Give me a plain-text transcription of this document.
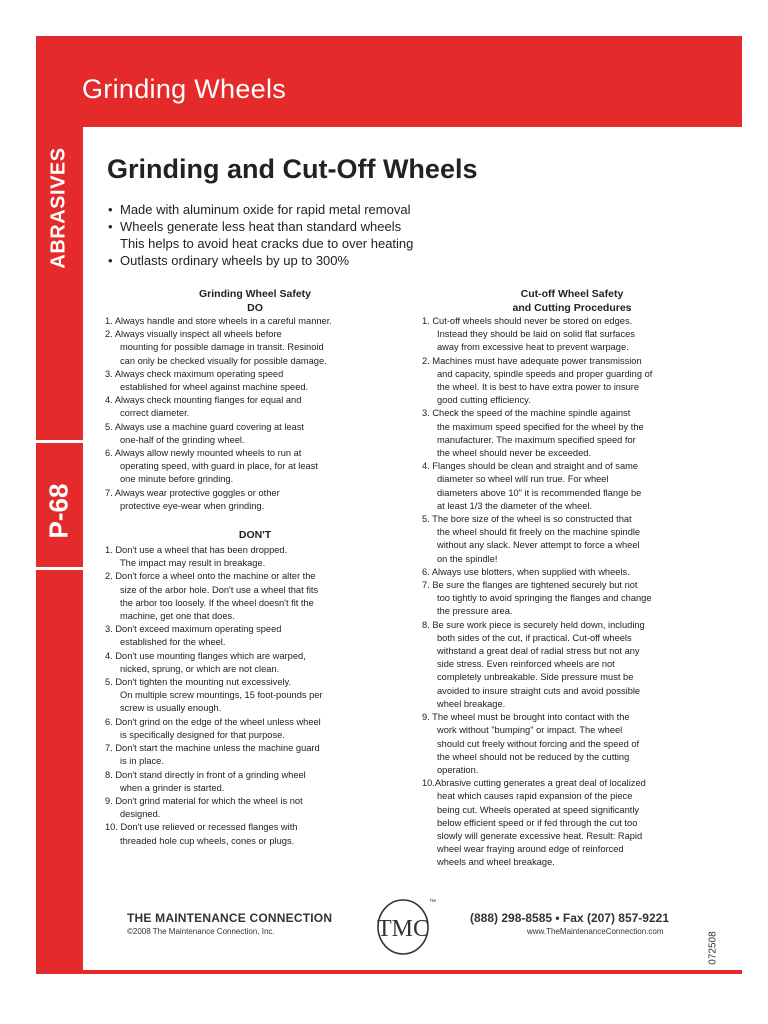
Grinding Wheels
ABRASIVES
P-68
Grinding and Cut-Off Wheels
• Made with aluminum oxide for rapid metal removal
• Wheels generate less heat than standard wheels
This helps to avoid heat cracks due to over heating
• Outlasts ordinary wheels by up to 300%
Grinding Wheel Safety
DO
1. Always handle and store wheels in a careful manner.
2. Always visually inspect all wheels before
mounting for possible damage in transit. Resinoid
can only be checked visually for possible damage.
3. Always check maximum operating speed
established for wheel against machine speed.
4. Always check mounting flanges for equal and
correct diameter.
5. Always use a machine guard covering at least
one-half of the grinding wheel.
6. Always allow newly mounted wheels to run at
operating speed, with guard in place, for at least
one minute before grinding.
7. Always wear protective goggles or other
protective eye-wear when grinding.
DON'T
1. Don't use a wheel that has been dropped.
The impact may result in breakage.
2. Don't force a wheel onto the machine or alter the
size of the arbor hole. Don't use a wheel that fits
the arbor too loosely. If the wheel doesn't fit the
machine, get one that does.
3. Don't exceed maximum operating speed
established for the wheel.
4. Don't use mounting flanges which are warped,
nicked, sprung, or which are not clean.
5. Don't tighten the mounting nut excessively.
On multiple screw mountings, 15 foot-pounds per
screw is usually enough.
6. Don't grind on the edge of the wheel unless wheel
is specifically designed for that purpose.
7. Don't start the machine unless the machine guard
is in place.
8. Don't stand directly in front of a grinding wheel
when a grinder is started.
9. Don't grind material for which the wheel is not
designed.
10. Don't use relieved or recessed flanges with
threaded hole cup wheels, cones or plugs.
Cut-off Wheel Safety
and Cutting Procedures
1. Cut-off wheels should never be stored on edges.
Instead they should be laid on solid flat surfaces
away from excessive heat to prevent warpage.
2. Machines must have adequate power transmission
and capacity, spindle speeds and proper guarding of
the wheel. It is best to have extra power to insure
good cutting efficiency.
3. Check the speed of the machine spindle against
the maximum speed specified for the wheel by the
manufacturer. The maximum specified speed for
the wheel should never be exceeded.
4. Flanges should be clean and straight and of same
diameter so wheel will run true. For wheel
diameters above 10" it is recommended flange be
at least 1/3 the diameter of the wheel.
5. The bore size of the wheel is so constructed that
the wheel should fit freely on the machine spindle
without any slack. Never attempt to force a wheel
on the spindle!
6. Always use blotters, when supplied with wheels.
7. Be sure the flanges are tightened securely but not
too tightly to avoid springing the flanges and change
the pressure area.
8. Be sure work piece is securely held down, including
both sides of the cut, if practical. Cut-off wheels
withstand a great deal of radial stress but not any
side stress. Even reinforced wheels are not
completely unbreakable. Side pressure must be
avoided to insure straight cuts and avoid possible
wheel breakage.
9. The wheel must be brought into contact with the
work without "bumping" or impact. The wheel
should cut freely without forcing and the speed of
the wheel should not be reduced by the cutting
operation.
10.Abrasive cutting generates a great deal of localized
heat which causes rapid expansion of the piece
being cut. Wheels operated at speed significantly
below efficient speed or if fed through the cut too
slowly will generate excessive heat. Result: Rapid
wheel wear fraying around edge of reinforced
wheels and wheel breakage.
THE MAINTENANCE CONNECTION
©2008 The Maintenance Connection, Inc.	TMC
™
(888) 298-8585 • Fax (207) 857-9221
www.TheMaintenanceConnection.com	072508
